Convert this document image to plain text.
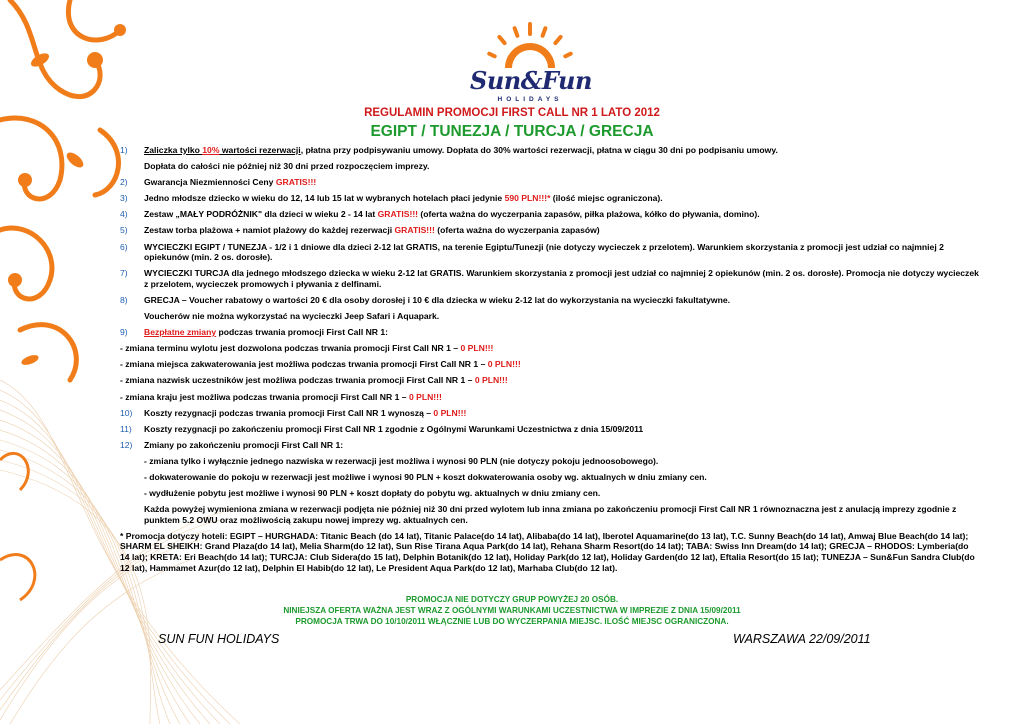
Sun&Fun
HOLIDAYS
REGULAMIN PROMOCJI FIRST CALL NR 1 LATO 2012
EGIPT / TUNEZJA / TURCJA / GRECJA
1)	Zaliczka tylko 10% wartości rezerwacji, płatna przy podpisywaniu umowy. Dopłata do 30% wartości rezerwacji, płatna w ciągu 30 dni po podpisaniu umowy.
Dopłata do całości nie później niż 30 dni przed rozpoczęciem imprezy.
2)	Gwarancja Niezmienności Ceny GRATIS!!!
3)	Jedno młodsze dziecko w wieku do 12, 14 lub 15 lat w wybranych hotelach płaci jedynie 590 PLN!!!* (ilość miejsc ograniczona).
4)	Zestaw „MAŁY PODRÓŻNIK" dla dzieci w wieku 2 - 14 lat GRATIS!!! (oferta ważna do wyczerpania zapasów, piłka plażowa, kółko do pływania, domino).
5)	Zestaw torba plażowa + namiot plażowy do każdej rezerwacji GRATIS!!! (oferta ważna do wyczerpania zapasów)
6)	WYCIECZKI EGIPT / TUNEZJA - 1/2 i 1 dniowe dla dzieci 2-12 lat GRATIS, na terenie Egiptu/Tunezji (nie dotyczy wycieczek z przelotem). Warunkiem skorzystania z promocji jest udział co najmniej 2 opiekunów (min. 2 os. dorosłe).
7)	WYCIECZKI TURCJA dla jednego młodszego dziecka w wieku 2-12 lat GRATIS. Warunkiem skorzystania z promocji jest udział co najmniej 2 opiekunów (min. 2 os. dorosłe). Promocja nie dotyczy wycieczek z przelotem, wycieczek promowych i pływania z delfinami.
8)	GRECJA – Voucher rabatowy o wartości 20 € dla osoby dorosłej i 10 € dla dziecka w wieku 2-12 lat do wykorzystania na wycieczki fakultatywne.
Voucherów nie można wykorzystać na wycieczki Jeep Safari i Aquapark.
9)	Bezpłatne zmiany podczas trwania promocji First Call NR 1:
- zmiana terminu wylotu jest dozwolona podczas trwania promocji First Call NR 1 – 0 PLN!!!
- zmiana miejsca zakwaterowania jest możliwa podczas trwania promocji First Call NR 1 – 0 PLN!!!
- zmiana nazwisk uczestników jest możliwa podczas trwania promocji First Call NR 1 – 0 PLN!!!
- zmiana kraju jest możliwa podczas trwania promocji First Call NR 1 – 0 PLN!!!
10)	Koszty rezygnacji podczas trwania promocji First Call NR 1 wynoszą – 0 PLN!!!
11)	Koszty rezygnacji po zakończeniu promocji First Call NR 1 zgodnie z Ogólnymi Warunkami Uczestnictwa z dnia 15/09/2011
12)	Zmiany po zakończeniu promocji First Call NR 1:
- zmiana tylko i wyłącznie jednego nazwiska w rezerwacji jest możliwa i wynosi 90 PLN (nie dotyczy pokoju jednoosobowego).
- dokwaterowanie do pokoju w rezerwacji jest możliwe i wynosi 90 PLN + koszt dokwaterowania osoby wg. aktualnych w dniu zmiany cen.
- wydłużenie pobytu jest możliwe i wynosi 90 PLN + koszt dopłaty do pobytu wg. aktualnych w dniu zmiany cen.
Każda powyżej wymieniona zmiana w rezerwacji podjęta nie później niż 30 dni przed wylotem lub inna zmiana po zakończeniu promocji First Call NR 1 równoznaczna jest z anulacją imprezy zgodnie z punktem 5.2 OWU oraz możliwością zakupu nowej imprezy wg. aktualnych cen.
* Promocja dotyczy hoteli: EGIPT – HURGHADA: Titanic Beach (do 14 lat), Titanic Palace(do 14 lat), Alibaba(do 14 lat), Iberotel Aquamarine(do 13 lat), T.C. Sunny Beach(do 14 lat), Amwaj Blue Beach(do 14 lat); SHARM EL SHEIKH: Grand Plaza(do 14 lat), Melia Sharm(do 12 lat), Sun Rise Tirana Aqua Park(do 14 lat), Rehana Sharm Resort(do 14 lat); TABA: Swiss Inn Dream(do 14 lat); GRECJA – RHODOS: Lymberia(do 14 lat); KRETA: Eri Beach(do 14 lat); TURCJA: Club Sidera(do 15 lat), Delphin Botanik(do 12 lat), Holiday Park(do 12 lat), Holiday Garden(do 12 lat), Eftalia Resort(do 15 lat); TUNEZJA – Sun&Fun Sandra Club(do 12 lat), Hammamet Azur(do 12 lat), Delphin El Habib(do 12 lat), Le President Aqua Park(do 12 lat), Marhaba Club(do 12 lat).
PROMOCJA NIE DOTYCZY GRUP POWYŻEJ 20 OSÓB.
NINIEJSZA OFERTA WAŻNA JEST WRAZ Z OGÓLNYMI WARUNKAMI UCZESTNICTWA W IMPREZIE Z DNIA 15/09/2011
PROMOCJA TRWA DO 10/10/2011 WŁĄCZNIE LUB DO WYCZERPANIA MIEJSC. ILOŚĆ MIEJSC OGRANICZONA.
SUN FUN HOLIDAYS	WARSZAWA 22/09/2011
